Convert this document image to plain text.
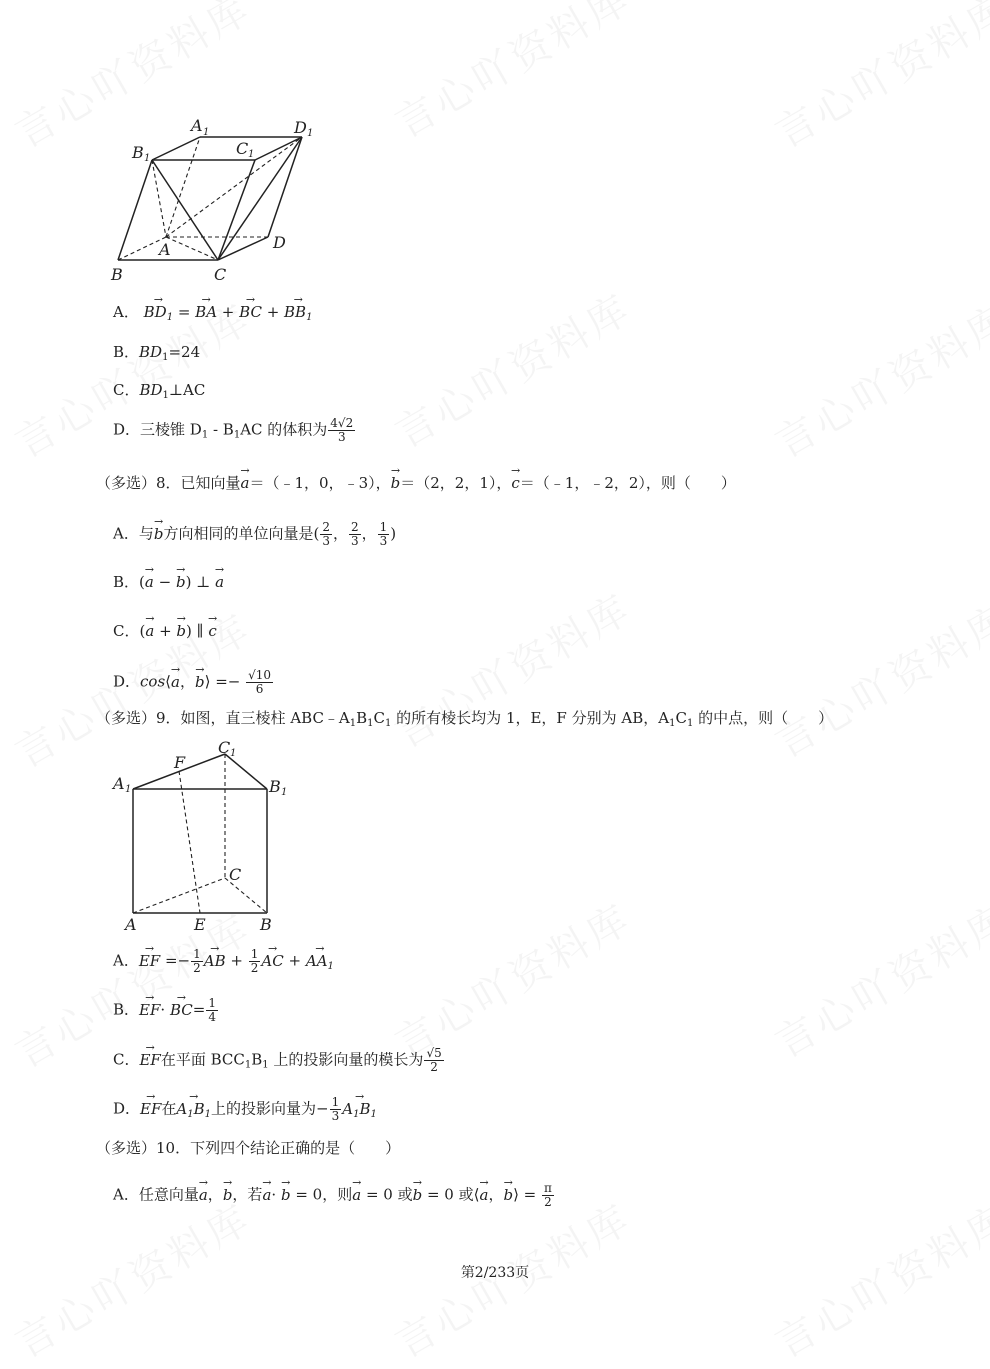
A 1	D 1
B 1
C 1
A	D
B	C
A． → $BD_1$ = → BA + → BC + → $BB_1$
B．$BD_1=24$
C．$BD_1\perp AC$
D．三棱锥 $D_1 - B_1AC$ 的体积为 $\frac{4√2}{3}$
（多选）8．已知向量→ a＝（﹣1，0，﹣3），→ b＝（2，2，1），→ c＝（﹣1，﹣2，2），则（　　）
A．与→ b方向相同的单位向量是( $\frac{2}{3}$ ， $\frac{2}{3}$ ， $\frac{1}{3}$ )
B．(→ a − → b) ⊥ → a
C．(→ a + → b) ∥ → c
D．cos⟨→ a，→ b⟩ =− $\frac{√10}{6}$
（多选）9．如图，直三棱柱 $ABC﹣A_1B_1C_1$ 的所有棱长均为 1，E，F 分别为 AB，$A_1C_1$ 的中点，则（　　）
C 1
F
A 1	B 1
C
A	E	B
A．→ EF =− $\frac{1}{2}$
→ AB + $\frac{1}{2}$
→ AC + → $AA_1$
B．→ $EF\cdot \to BC= \frac{1}{4}$
C．→ EF在平面 $BCC_1B_1$ 上的投影向量的模长为 $\frac{√5}{2}$
D．→ EF在→ $A_1B_1$上的投影向量为− $\frac{1}{3}$
→ $A_1B_1$
（多选）10．下列四个结论正确的是（　　）
A．任意向量→ a，→ b，若→ a· → b = 0，则→ a = 0 或→ b = 0 或⟨→ a，→ b⟩ = $\frac{\pi}{2}$
第2/233页
